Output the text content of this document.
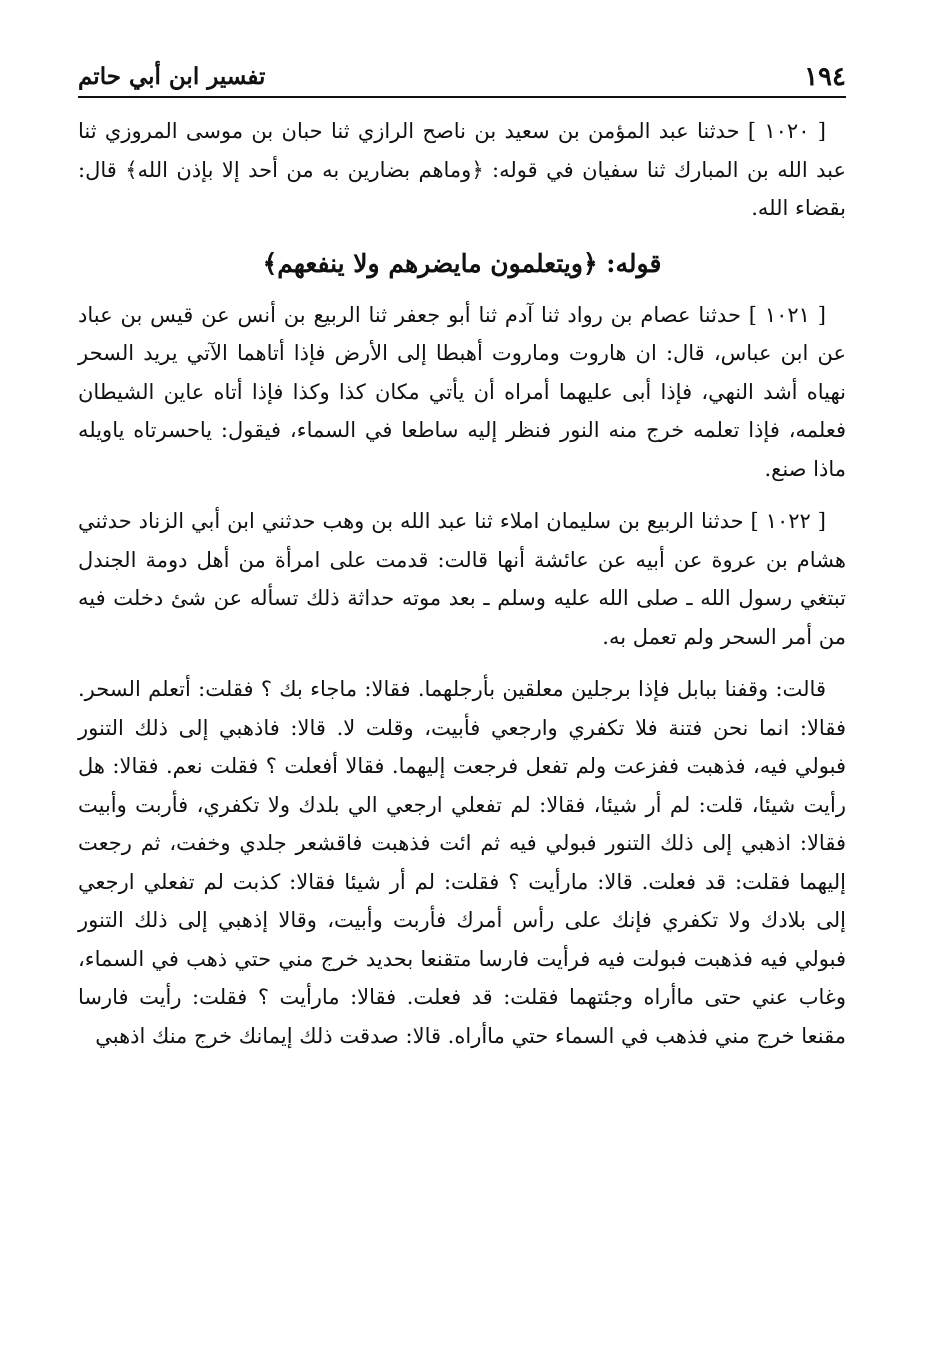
١٩٤
تفسير ابن أبي حاتم

[ ١٠٢٠ ] حدثنا عبد المؤمن بن سعيد بن ناصح الرازي ثنا حبان بن موسى المروزي ثنا عبد الله بن المبارك ثنا سفيان في قوله: ﴿وماهم بضارين به من أحد إلا بإذن الله﴾ قال: بقضاء الله.

قوله: ﴿ويتعلمون مايضرهم ولا ينفعهم﴾

[ ١٠٢١ ] حدثنا عصام بن رواد ثنا آدم ثنا أبو جعفر ثنا الربيع بن أنس عن قيس بن عباد عن ابن عباس، قال: ان هاروت وماروت أهبطا إلى الأرض فإذا أتاهما الآتي يريد السحر نهياه أشد النهي، فإذا أبى عليهما أمراه أن يأتي مكان كذا وكذا فإذا أتاه عاين الشيطان فعلمه، فإذا تعلمه خرج منه النور فنظر إليه ساطعا في السماء، فيقول: ياحسرتاه ياويله ماذا صنع.

[ ١٠٢٢ ] حدثنا الربيع بن سليمان املاء ثنا عبد الله بن وهب حدثني ابن أبي الزناد حدثني هشام بن عروة عن أبيه عن عائشة أنها قالت: قدمت على امرأة من أهل دومة الجندل تبتغي رسول الله ـ صلى الله عليه وسلم ـ بعد موته حداثة ذلك تسأله عن شئ دخلت فيه من أمر السحر ولم تعمل به.

قالت: وقفنا ببابل فإذا برجلين معلقين بأرجلهما. فقالا: ماجاء بك ؟ فقلت: أتعلم السحر. فقالا: انما نحن فتنة فلا تكفري وارجعي فأبيت، وقلت لا. قالا: فاذهبي إلى ذلك التنور فبولي فيه، فذهبت ففزعت ولم تفعل فرجعت إليهما. فقالا أفعلت ؟ فقلت نعم. فقالا: هل رأيت شيئا، قلت: لم أر شيئا، فقالا: لم تفعلي ارجعي الي بلدك ولا تكفري، فأربت وأبيت فقالا: اذهبي إلى ذلك التنور فبولي فيه ثم ائت فذهبت فاقشعر جلدي وخفت، ثم رجعت إليهما فقلت: قد فعلت. قالا: مارأيت ؟ فقلت: لم أر شيئا فقالا: كذبت لم تفعلي ارجعي إلى بلادك ولا تكفري فإنك على رأس أمرك فأربت وأبيت، وقالا إذهبي إلى ذلك التنور فبولي فيه فذهبت فبولت فيه فرأيت فارسا متقنعا بحديد خرج مني حتي ذهب في السماء، وغاب عني حتى ماأراه وجئتهما فقلت: قد فعلت. فقالا: مارأيت ؟ فقلت: رأيت فارسا مقنعا خرج مني فذهب في السماء حتي ماأراه. قالا: صدقت ذلك إيمانك خرج منك اذهبي
